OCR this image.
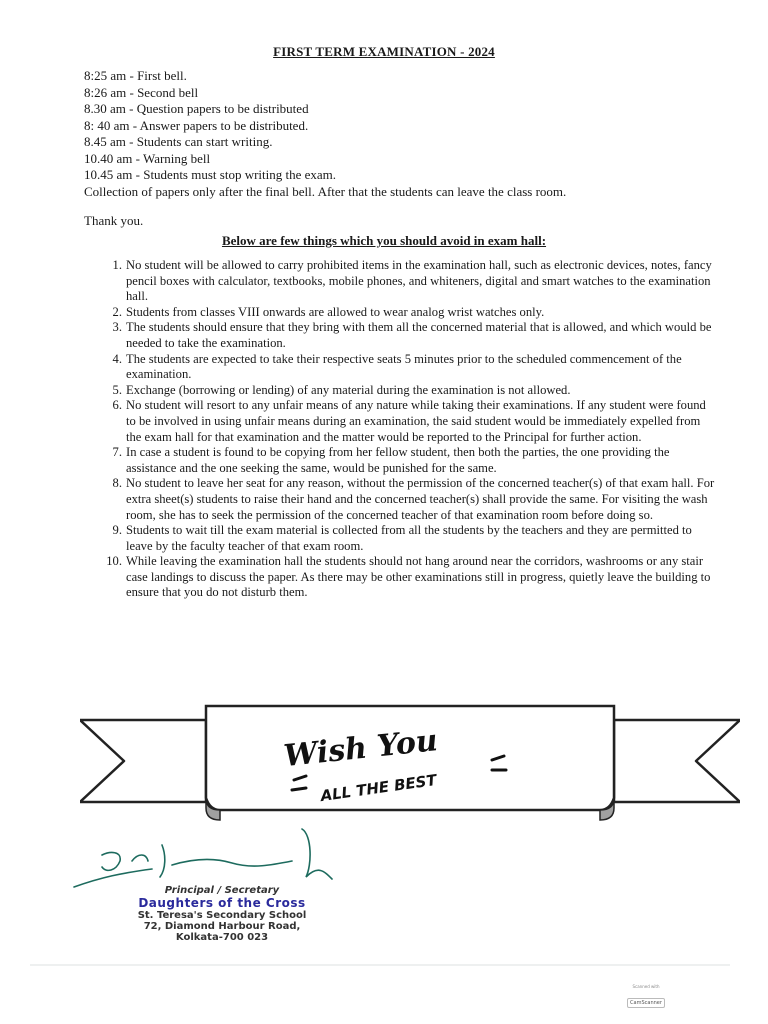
FIRST TERM EXAMINATION - 2024
8:25 am - First bell.
8:26 am - Second bell
8.30 am - Question papers to be distributed
8: 40 am - Answer papers to be distributed.
8.45 am - Students can start writing.
10.40 am - Warning bell
10.45 am - Students must stop writing the exam.
Collection of papers only after the final bell. After that the students can leave the class room.
Thank you.
Below are few things which you should avoid in exam hall:
1. No student will be allowed to carry prohibited items in the examination hall, such as electronic devices, notes, fancy pencil boxes with calculator, textbooks, mobile phones, and whiteners, digital and smart watches to the examination hall.
2. Students from classes VIII onwards are allowed to wear analog wrist watches only.
3. The students should ensure that they bring with them all the concerned material that is allowed, and which would be needed to take the examination.
4. The students are expected to take their respective seats 5 minutes prior to the scheduled commencement of the examination.
5. Exchange (borrowing or lending) of any material during the examination is not allowed.
6. No student will resort to any unfair means of any nature while taking their examinations. If any student were found to be involved in using unfair means during an examination, the said student would be immediately expelled from the exam hall for that examination and the matter would be reported to the Principal for further action.
7. In case a student is found to be copying from her fellow student, then both the parties, the one providing the assistance and the one seeking the same, would be punished for the same.
8. No student to leave her seat for any reason, without the permission of the concerned teacher(s) of that exam hall. For extra sheet(s) students to raise their hand and the concerned teacher(s) shall provide the same. For visiting the wash room, she has to seek the permission of the concerned teacher of that examination room before doing so.
9. Students to wait till the exam material is collected from all the students by the teachers and they are permitted to leave by the faculty teacher of that exam room.
10. While leaving the examination hall the students should not hang around near the corridors, washrooms or any stair case landings to discuss the paper. As there may be other examinations still in progress, quietly leave the building to ensure that you do not disturb them.
Wish You
ALL THE BEST
Principal / Secretary
Daughters of the Cross
St. Teresa's Secondary School
72, Diamond Harbour Road,
Kolkata-700 023
Scanned with
CamScanner
